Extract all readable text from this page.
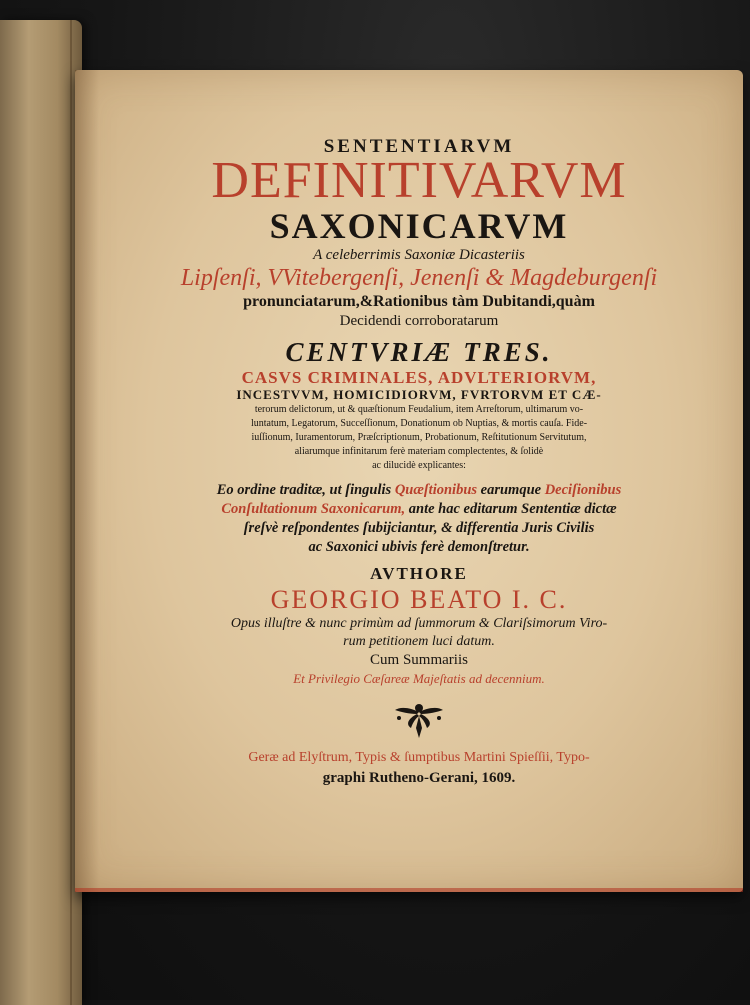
SENTENTIARVM

DEFINITIVARVM

SAXONICARVM

A celeberrimis Saxoniæ Dicasteriis

Lipſenſi, VVitebergenſi, Jenenſi & Magdeburgenſi

pronunciatarum,&Rationibus tàm Dubitandi,quàm

Decidendi corroboratarum

CENTVRIÆ TRES.

CASVS CRIMINALES, ADVLTERIORVM,

INCESTVVM, HOMICIDIORVM, FVRTORVM ET CÆ-

terorum delictorum, ut & quæſtionum Feudalium, item Arreſtorum, ultimarum vo-

luntatum, Legatorum, Succeſſionum, Donationum ob Nuptias, & mortis cauſa. Fide-

iuſſionum, Iuramentorum, Præſcriptionum, Probationum, Reſtitutionum Servitutum,

aliarumque infinitarum ferè materiam complectentes, & ſolidè

ac dilucidè explicantes:

Eo ordine traditæ, ut ſingulis Quæſtionibus earumque Deciſionibus

Conſultationum Saxonicarum, ante hac editarum Sententiæ dictæ

ſreſvè reſpondentes ſubijciantur, & differentia Juris Civilis

ac Saxonici ubivis ferè demonſtretur.

AVTHORE

GEORGIO BEATO I. C.

Opus illuſtre & nunc primùm ad ſummorum & Clariſsimorum Viro-

rum petitionem luci datum.

Cum Summariis

Et Privilegio Cæſareæ Majeſtatis ad decennium.

Geræ ad Elyſtrum, Typis & ſumptibus Martini Spieſſii, Typo-

graphi Rutheno-Gerani, 1609.
